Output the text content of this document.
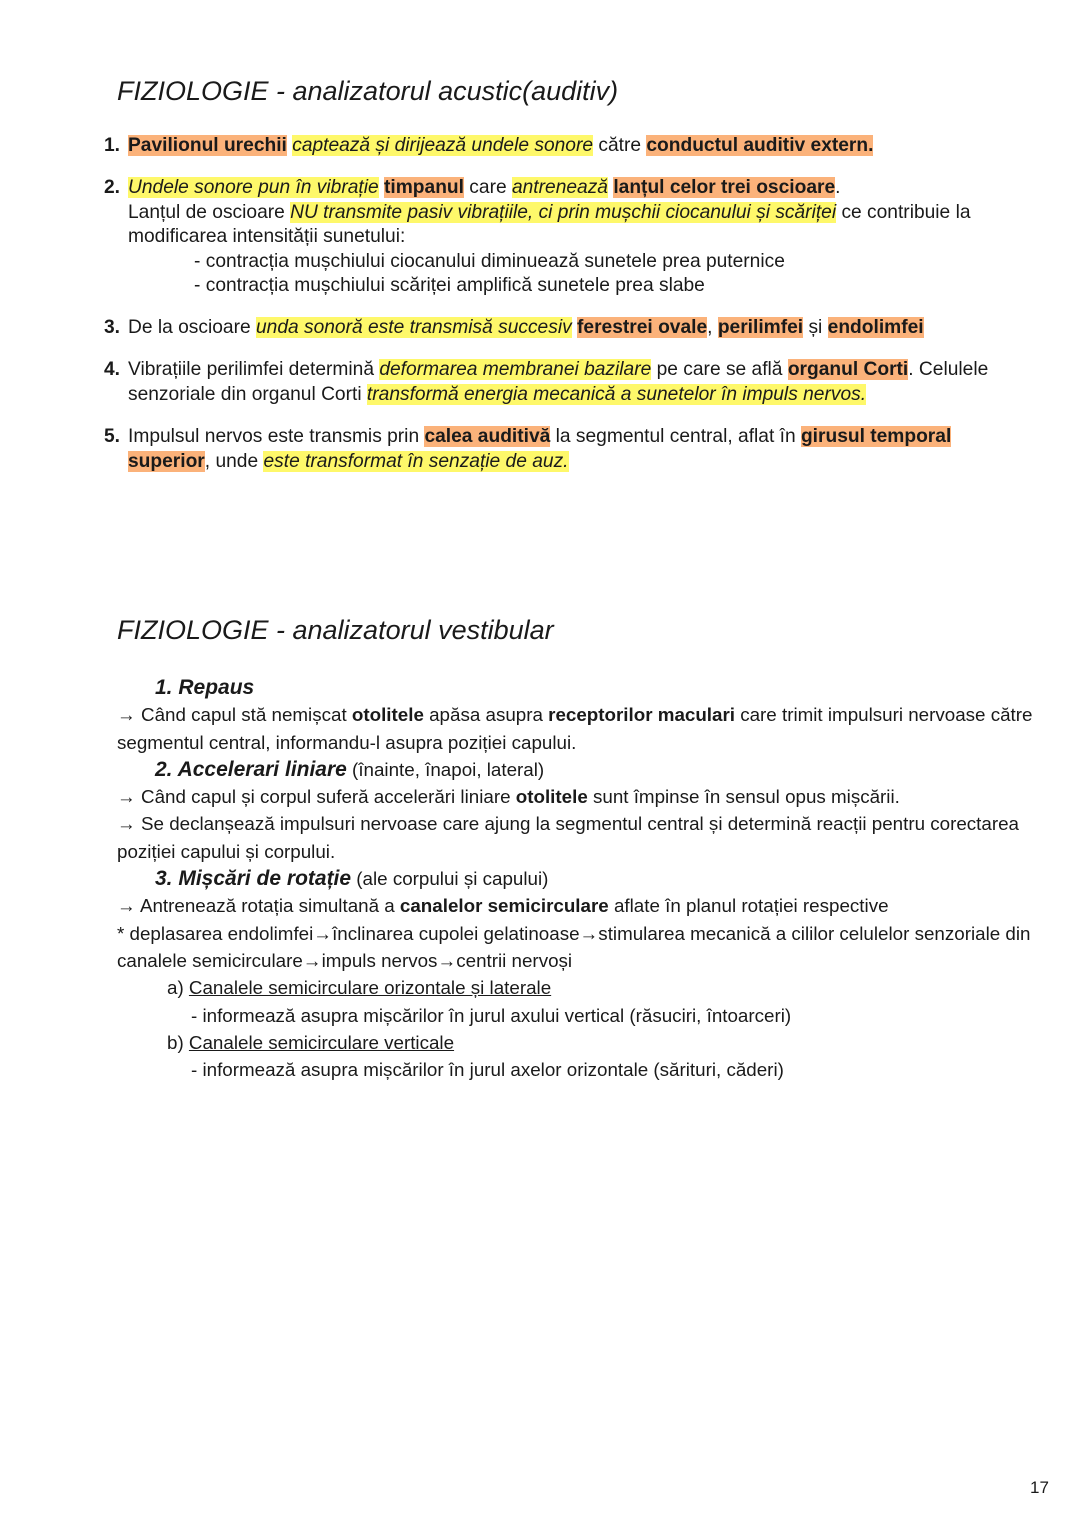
FIZIOLOGIE - analizatorul acustic(auditiv)
1. Pavilionul urechii captează și dirijează undele sonore către conductul auditiv extern.
2. Undele sonore pun în vibrație timpanul care antrenează lanțul celor trei oscioare.
Lanțul de oscioare NU transmite pasiv vibrațiile, ci prin mușchii ciocanului și scăriței ce contribuie la modificarea intensității sunetului:
- contracția mușchiului ciocanului diminuează sunetele prea puternice
- contracția mușchiului scăriței amplifică sunetele prea slabe
3. De la oscioare unda sonoră este transmisă succesiv ferestrei ovale, perilimfei și endolimfei
4. Vibrațiile perilimfei determină deformarea membranei bazilare pe care se află organul Corti. Celulele senzoriale din organul Corti transformă energia mecanică a sunetelor în impuls nervos.
5. Impulsul nervos este transmis prin calea auditivă la segmentul central, aflat în girusul temporal superior, unde este transformat în senzație de auz.
FIZIOLOGIE - analizatorul vestibular

1. Repaus

→ Când capul stă nemișcat otolitele apăsa asupra receptorilor maculari care trimit impulsuri nervoase către segmentul central, informandu-l asupra poziției capului.

2. Accelerari liniare (înainte, înapoi, lateral)

→ Când capul și corpul suferă accelerări liniare otolitele sunt împinse în sensul opus mișcării.

→ Se declanșează impulsuri nervoase care ajung la segmentul central și determină reacții pentru corectarea poziției capului și corpului.

3. Mișcări de rotație (ale corpului și capului)

→ Antrenează rotația simultană a canalelor semicirculare aflate în planul rotației respective

* deplasarea endolimfei→înclinarea cupolei gelatinoase→stimularea mecanică a cililor celulelor senzoriale din canalele semicirculare→impuls nervos→centrii nervoși

a) Canalele semicirculare orizontale și laterale

- informează asupra mișcărilor în jurul axului vertical (răsuciri, întoarceri)

b) Canalele semicirculare verticale

- informează asupra mișcărilor în jurul axelor orizontale (sărituri, căderi)

17
